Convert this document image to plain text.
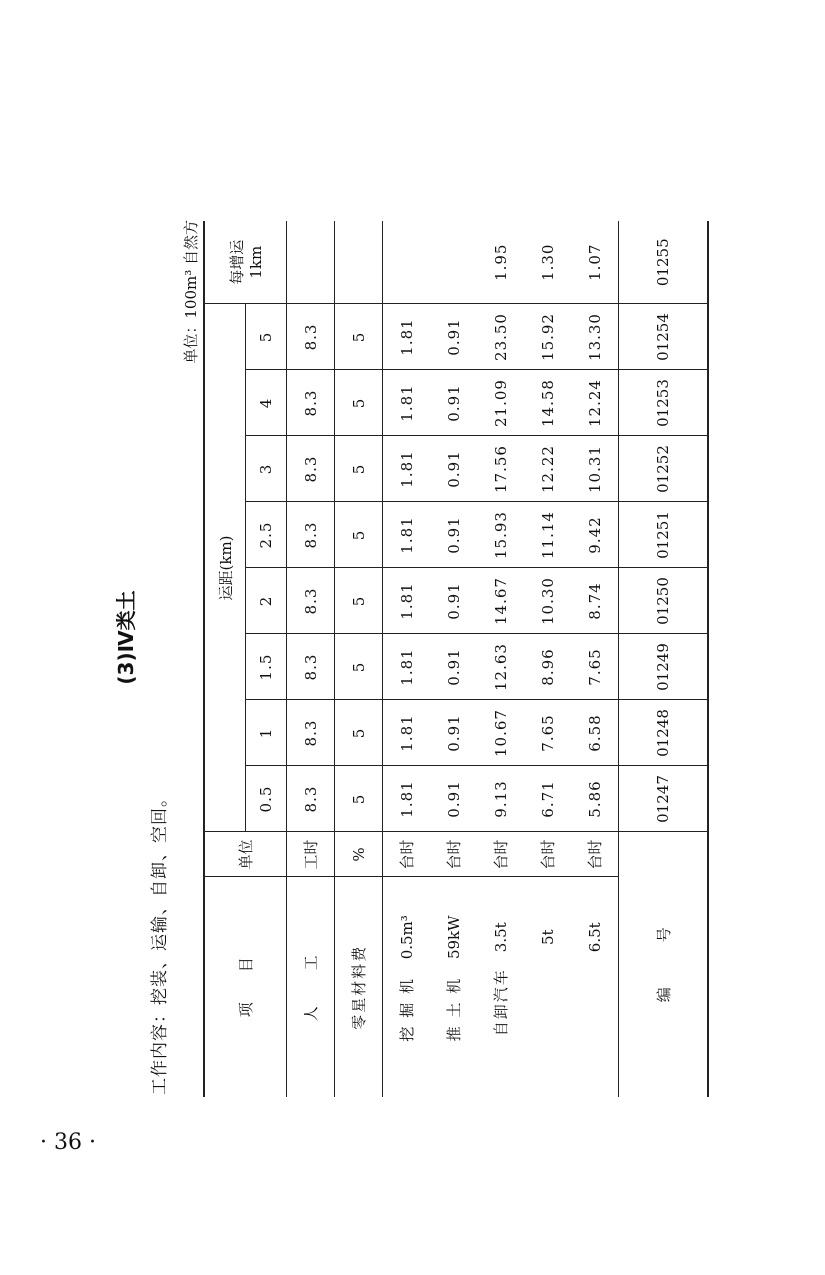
工作内容：挖装、运输、自卸、空回。
(3)Ⅳ类土
单位：100m³ 自然方
项　　目	单位	运距(km)								每增运 1km
		0.5	1	1.5	2	2.5	3	4	5	
人　　工	工时	8.3	8.3	8.3	8.3	8.3	8.3	8.3	8.3	
零星材料费	%	5	5	5	5	5	5	5	5	
挖 掘 机0.5m³	台时	1.81	1.81	1.81	1.81	1.81	1.81	1.81	1.81	
推 土 机59kW	台时	0.91	0.91	0.91	0.91	0.91	0.91	0.91	0.91	
自卸汽车3.5t	台时	9.13	10.67	12.63	14.67	15.93	17.56	21.09	23.50	1.95
5t	台时	6.71	7.65	8.96	10.30	11.14	12.22	14.58	15.92	1.30
6.5t	台时	5.86	6.58	7.65	8.74	9.42	10.31	12.24	13.30	1.07
编　　　号		01247	01248	01249	01250	01251	01252	01253	01254	01255
· 36 ·
